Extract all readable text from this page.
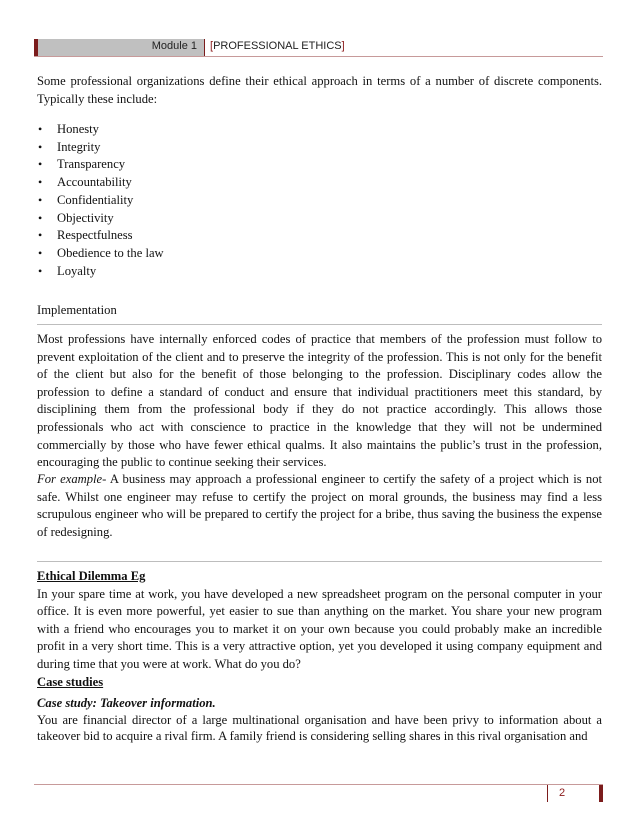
Module 1 [PROFESSIONAL ETHICS]
Some professional organizations define their ethical approach in terms of a number of discrete components. Typically these include:
• Honesty
• Integrity
• Transparency
• Accountability
• Confidentiality
• Objectivity
• Respectfulness
• Obedience to the law
• Loyalty
Implementation
Most professions have internally enforced codes of practice that members of the profession must follow to prevent exploitation of the client and to preserve the integrity of the profession. This is not only for the benefit of the client but also for the benefit of those belonging to the profession. Disciplinary codes allow the profession to define a standard of conduct and ensure that individual practitioners meet this standard, by disciplining them from the professional body if they do not practice accordingly. This allows those professionals who act with conscience to practice in the knowledge that they will not be undermined commercially by those who have fewer ethical qualms. It also maintains the public’s trust in the profession, encouraging the public to continue seeking their services.
For example- A business may approach a professional engineer to certify the safety of a project which is not safe. Whilst one engineer may refuse to certify the project on moral grounds, the business may find a less scrupulous engineer who will be prepared to certify the project for a bribe, thus saving the business the expense of redesigning.
Ethical Dilemma Eg
In your spare time at work, you have developed a new spreadsheet program on the personal computer in your office. It is even more powerful, yet easier to sue than anything on the market. You share your new program with a friend who encourages you to market it on your own because you could probably make an incredible profit in a very short time. This is a very attractive option, yet you developed it using company equipment and during time that you were at work. What do you do?
Case studies
Case study: Takeover information.
You are financial director of a large multinational organisation and have been privy to information about a takeover bid to acquire a rival firm. A family friend is considering selling shares in this rival organisation and
2
